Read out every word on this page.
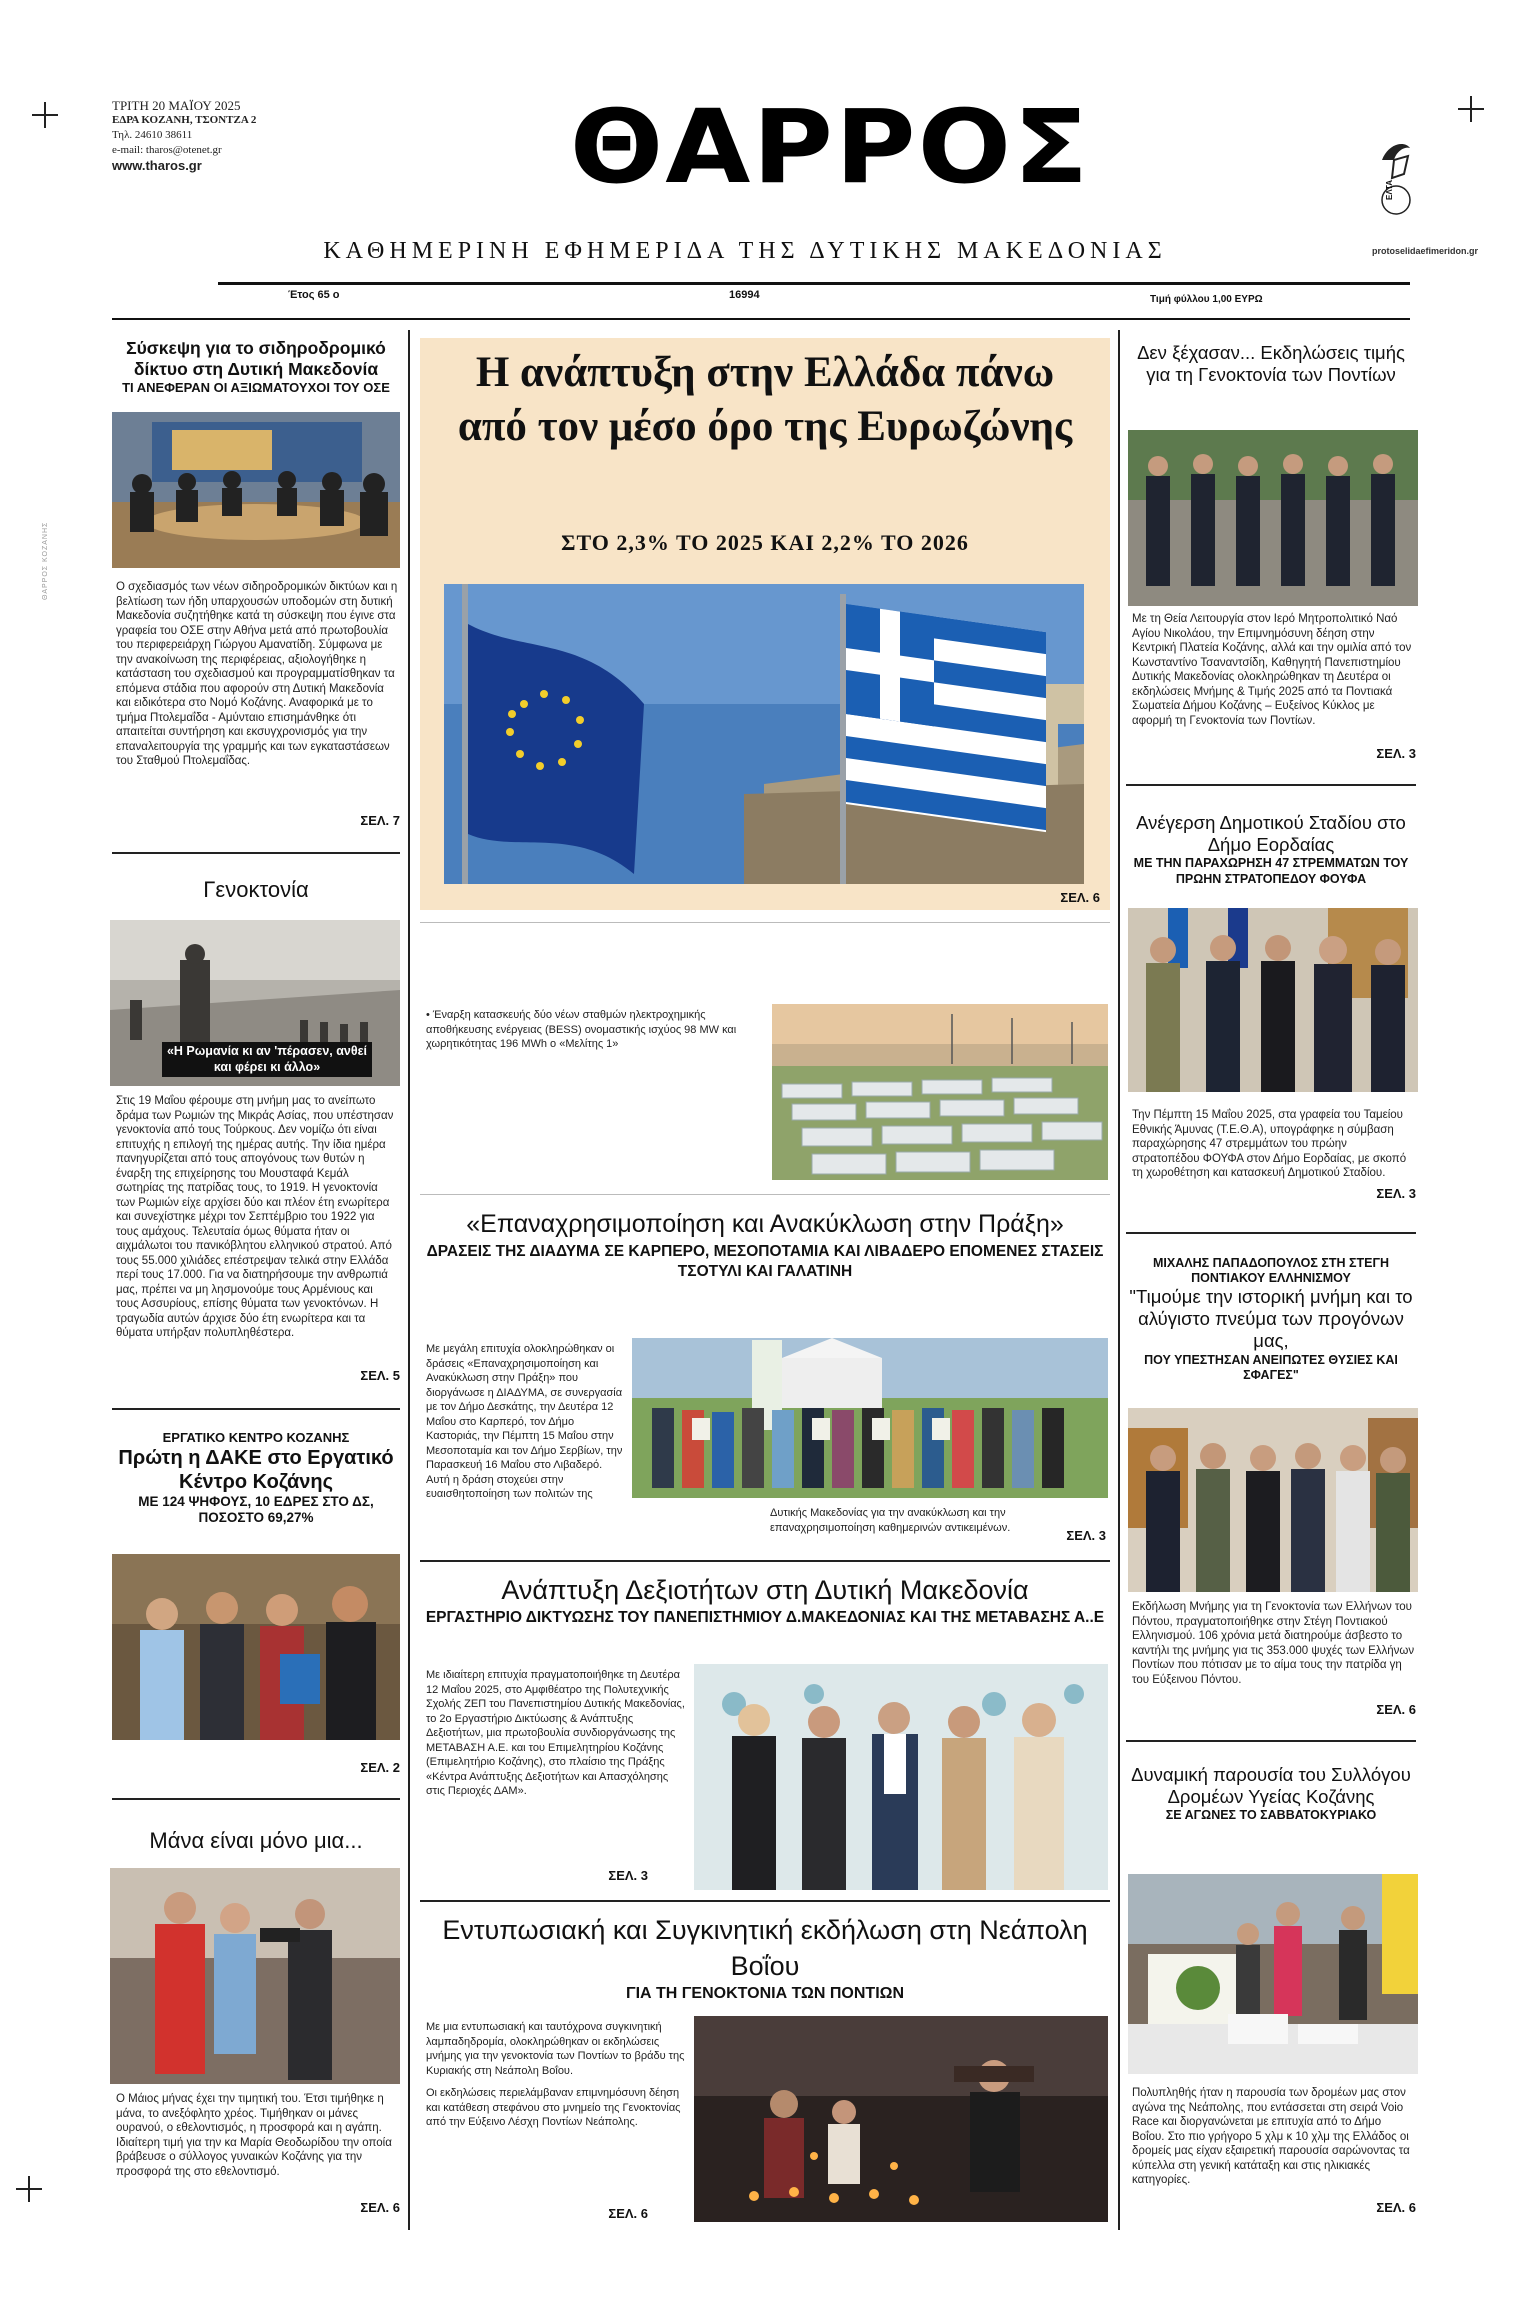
ΘΑΡΡΟΣ ΚΟΖΑΝΗΣ
ΤΡΙΤΗ 20 ΜΑΪΟΥ 2025
ΕΔΡΑ ΚΟΖΑΝΗ, ΤΣΟΝΤΖΑ 2
Τηλ. 24610 38611
e-mail: tharos@otenet.gr
www.tharos.gr	ΘΑΡΡΟΣ	ΕΛΤΑ
protoselidaefimeridon.gr
ΚΑΘΗΜΕΡΙΝΗ ΕΦΗΜΕΡΙΔΑ ΤΗΣ ΔΥΤΙΚΗΣ ΜΑΚΕΔΟΝΙΑΣ
Έτος 65 ο	16994	Τιμή φύλλου 1,00 ΕΥΡΩ
Σύσκεψη για το σιδηροδρομικό δίκτυο στη Δυτική Μακεδονία
ΤΙ ΑΝΕΦΕΡΑΝ ΟΙ ΑΞΙΩΜΑΤΟΥΧΟΙ ΤΟΥ ΟΣΕ
Ο σχεδιασμός των νέων σιδηροδρομικών δικτύων και η βελτίωση των ήδη υπαρχουσών υποδομών στη δυτική Μακεδονία συζητήθηκε κατά τη σύσκεψη που έγινε στα γραφεία του ΟΣΕ στην Αθήνα μετά από πρωτοβουλία του περιφερειάρχη Γιώργου Αμανατίδη. Σύμφωνα με την ανακοίνωση της περιφέρειας, αξιολογήθηκε η κατάσταση του σχεδιασμού και προγραμματίσθηκαν τα επόμενα στάδια που αφορούν στη Δυτική Μακεδονία και ειδικότερα στο Νομό Κοζάνης. Αναφορικά με το τμήμα Πτολεμαΐδα - Αμύνταιο επισημάνθηκε ότι απαιτείται συντήρηση και εκσυγχρονισμός για την επαναλειτουργία της γραμμής και των εγκαταστάσεων του Σταθμού Πτολεμαΐδας.
ΣΕΛ. 7
Γενοκτονία
«Η Ρωμανία κι αν 'πέρασεν, ανθεί και φέρει κι άλλο»
Στις 19 Μαΐου φέρουμε στη μνήμη μας το ανείπωτο δράμα των Ρωμιών της Μικράς Ασίας, που υπέστησαν γενοκτονία από τους Τούρκους. Δεν νομίζω ότι είναι επιτυχής η επιλογή της ημέρας αυτής. Την ίδια ημέρα πανηγυρίζεται από τους απογόνους των θυτών η έναρξη της επιχείρησης του Μουσταφά Κεμάλ σωτηρίας της πατρίδας τους, το 1919. Η γενοκτονία των Ρωμιών είχε αρχίσει δύο και πλέον έτη ενωρίτερα και συνεχίστηκε μέχρι τον Σεπτέμβριο του 1922 για τους αμάχους. Τελευταία όμως θύματα ήταν οι αιχμάλωτοι του πανικόβλητου ελληνικού στρατού. Από τους 55.000 χιλιάδες επέστρεψαν τελικά στην Ελλάδα περί τους 17.000. Για να διατηρήσουμε την ανθρωπιά μας, πρέπει να μη λησμονούμε τους Αρμένιους και τους Ασσυρίους, επίσης θύματα των γενοκτόνων. Η τραγωδία αυτών άρχισε δύο έτη ενωρίτερα και τα θύματα υπήρξαν πολυπληθέστερα.
ΣΕΛ. 5
ΕΡΓΑΤΙΚΟ ΚΕΝΤΡΟ ΚΟΖΑΝΗΣ
Πρώτη η ΔΑΚΕ στο Εργατικό Κέντρο Κοζάνης
ΜΕ 124 ΨΗΦΟΥΣ, 10 ΕΔΡΕΣ ΣΤΟ ΔΣ, ΠΟΣΟΣΤΟ 69,27%
ΣΕΛ. 2
Μάνα είναι μόνο μια...
Ο Μάιος μήνας έχει την τιμητική του. Έτσι τιμήθηκε η μάνα, το ανεξόφλητο χρέος. Τιμήθηκαν οι μάνες ουρανού, ο εθελοντισμός, η προσφορά και η αγάπη. Ιδιαίτερη τιμή για την κα Μαρία Θεοδωρίδου την οποία βράβευσε ο σύλλογος γυναικών Κοζάνης για την προσφορά της στο εθελοντισμό.
ΣΕΛ. 6
Η ανάπτυξη στην Ελλάδα πάνω από τον μέσο όρο της Ευρωζώνης
ΣΤΟ 2,3% ΤΟ 2025 ΚΑΙ 2,2% ΤΟ 2026
ΣΕΛ. 6
• Έναρξη κατασκευής δύο νέων σταθμών ηλεκτροχημικής αποθήκευσης ενέργειας (BESS) ονομαστικής ισχύος 98 MW και χωρητικότητας 196 MWh ο «Μελίτης 1»
«Επαναχρησιμοποίηση και Ανακύκλωση στην Πράξη»
ΔΡΑΣΕΙΣ ΤΗΣ ΔΙΑΔΥΜΑ ΣΕ ΚΑΡΠΕΡΟ, ΜΕΣΟΠΟΤΑΜΙΑ ΚΑΙ ΛΙΒΑΔΕΡΟ ΕΠΟΜΕΝΕΣ ΣΤΑΣΕΙΣ ΤΣΟΤΥΛΙ ΚΑΙ ΓΑΛΑΤΙΝΗ
Με μεγάλη επιτυχία ολοκληρώθηκαν οι δράσεις «Επαναχρησιμοποίηση και Ανακύκλωση στην Πράξη» που διοργάνωσε η ΔΙΑΔΥΜΑ, σε συνεργασία με τον Δήμο Δεσκάτης, την Δευτέρα 12 Μαΐου στο Καρπερό, τον Δήμο Καστοριάς, την Πέμπτη 15 Μαΐου στην Μεσοποταμία και τον Δήμο Σερβίων, την Παρασκευή 16 Μαΐου στο Λιβαδερό. Αυτή η δράση στοχεύει στην ευαισθητοποίηση των πολιτών της
Δυτικής Μακεδονίας για την ανακύκλωση και την επαναχρησιμοποίηση καθημερινών αντικειμένων.
ΣΕΛ. 3
Ανάπτυξη Δεξιοτήτων στη Δυτική Μακεδονία
ΕΡΓΑΣΤΗΡΙΟ ΔΙΚΤΥΩΣΗΣ ΤΟΥ ΠΑΝΕΠΙΣΤΗΜΙΟΥ Δ.ΜΑΚΕΔΟΝΙΑΣ ΚΑΙ ΤΗΣ ΜΕΤΑΒΑΣΗΣ Α..Ε
Με ιδιαίτερη επιτυχία πραγματοποιήθηκε τη Δευτέρα 12 Μαΐου 2025, στο Αμφιθέατρο της Πολυτεχνικής Σχολής ΖΕΠ του Πανεπιστημίου Δυτικής Μακεδονίας, το 2ο Εργαστήριο Δικτύωσης & Ανάπτυξης Δεξιοτήτων, μια πρωτοβουλία συνδιοργάνωσης της ΜΕΤΑΒΑΣΗ Α.Ε. και του Επιμελητηρίου Κοζάνης (Επιμελητήριο Κοζάνης), στο πλαίσιο της Πράξης «Κέντρα Ανάπτυξης Δεξιοτήτων και Απασχόλησης στις Περιοχές ΔΑΜ».
ΣΕΛ. 3
Εντυπωσιακή και Συγκινητική εκδήλωση στη Νεάπολη Βοΐου
ΓΙΑ ΤΗ ΓΕΝΟΚΤΟΝΙΑ ΤΩΝ ΠΟΝΤΙΩΝ
Με μια εντυπωσιακή και ταυτόχρονα συγκινητική λαμπαδηδρομία, ολοκληρώθηκαν οι εκδηλώσεις μνήμης για την γενοκτονία των Ποντίων το βράδυ της Κυριακής στη Νεάπολη Βοΐου.
Οι εκδηλώσεις περιελάμβαναν επιμνημόσυνη δέηση και κατάθεση στεφάνου στο μνημείο της Γενοκτονίας από την Εύξεινο Λέσχη Ποντίων Νεάπολης.
ΣΕΛ. 6
Δεν ξέχασαν... Εκδηλώσεις τιμής για τη Γενοκτονία των Ποντίων
Με τη Θεία Λειτουργία στον Ιερό Μητροπολιτικό Ναό Αγίου Νικολάου, την Επιμνημόσυνη δέηση στην Κεντρική Πλατεία Κοζάνης, αλλά και την ομιλία από τον Κωνσταντίνο Τσαναντσίδη, Καθηγητή Πανεπιστημίου Δυτικής Μακεδονίας ολοκληρώθηκαν τη Δευτέρα οι εκδηλώσεις Μνήμης & Τιμής 2025 από τα Ποντιακά Σωματεία Δήμου Κοζάνης – Ευξείνος Κύκλος με αφορμή τη Γενοκτονία των Ποντίων.
ΣΕΛ. 3
Ανέγερση Δημοτικού Σταδίου στο Δήμο Εορδαίας
ΜΕ ΤΗΝ ΠΑΡΑΧΩΡΗΣΗ 47 ΣΤΡΕΜΜΑΤΩΝ ΤΟΥ ΠΡΩΗΝ ΣΤΡΑΤΟΠΕΔΟΥ ΦΟΥΦΑ
Την Πέμπτη 15 Μαΐου 2025, στα γραφεία του Ταμείου Εθνικής Άμυνας (Τ.Ε.Θ.Α), υπογράφηκε η σύμβαση παραχώρησης 47 στρεμμάτων του πρώην στρατοπέδου ΦΟΥΦΑ στον Δήμο Εορδαίας, με σκοπό τη χωροθέτηση και κατασκευή Δημοτικού Σταδίου.
ΣΕΛ. 3
ΜΙΧΑΛΗΣ ΠΑΠΑΔΟΠΟΥΛΟΣ ΣΤΗ ΣΤΕΓΗ ΠΟΝΤΙΑΚΟΥ ΕΛΛΗΝΙΣΜΟΥ
"Τιμούμε την ιστορική μνήμη και το αλύγιστο πνεύμα των προγόνων μας,
ΠΟΥ ΥΠΕΣΤΗΣΑΝ ΑΝΕΙΠΩΤΕΣ ΘΥΣΙΕΣ ΚΑΙ ΣΦΑΓΕΣ"
Εκδήλωση Μνήμης για τη Γενοκτονία των Ελλήνων του Πόντου, πραγματοποιήθηκε στην Στέγη Ποντιακού Ελληνισμού. 106 χρόνια μετά διατηρούμε άσβεστο το καντήλι της μνήμης για τις 353.000 ψυχές των Ελλήνων Ποντίων που πότισαν με το αίμα τους την πατρίδα γη του Εύξεινου Πόντου.
ΣΕΛ. 6
Δυναμική παρουσία του Συλλόγου Δρομέων Υγείας Κοζάνης
ΣΕ ΑΓΩΝΕΣ ΤΟ ΣΑΒΒΑΤΟΚΥΡΙΑΚΟ
Πολυπληθής ήταν η παρουσία των δρομέων μας στον αγώνα της Νεάπολης, που εντάσσεται στη σειρά Voio Race και διοργανώνεται με επιτυχία από το Δήμο Βοΐου. Στο πιο γρήγορο 5 χλμ κ 10 χλμ της Ελλάδος οι δρομείς μας είχαν εξαιρετική παρουσία σαρώνοντας τα κύπελλα στη γενική κατάταξη και στις ηλικιακές κατηγορίες.
ΣΕΛ. 6
